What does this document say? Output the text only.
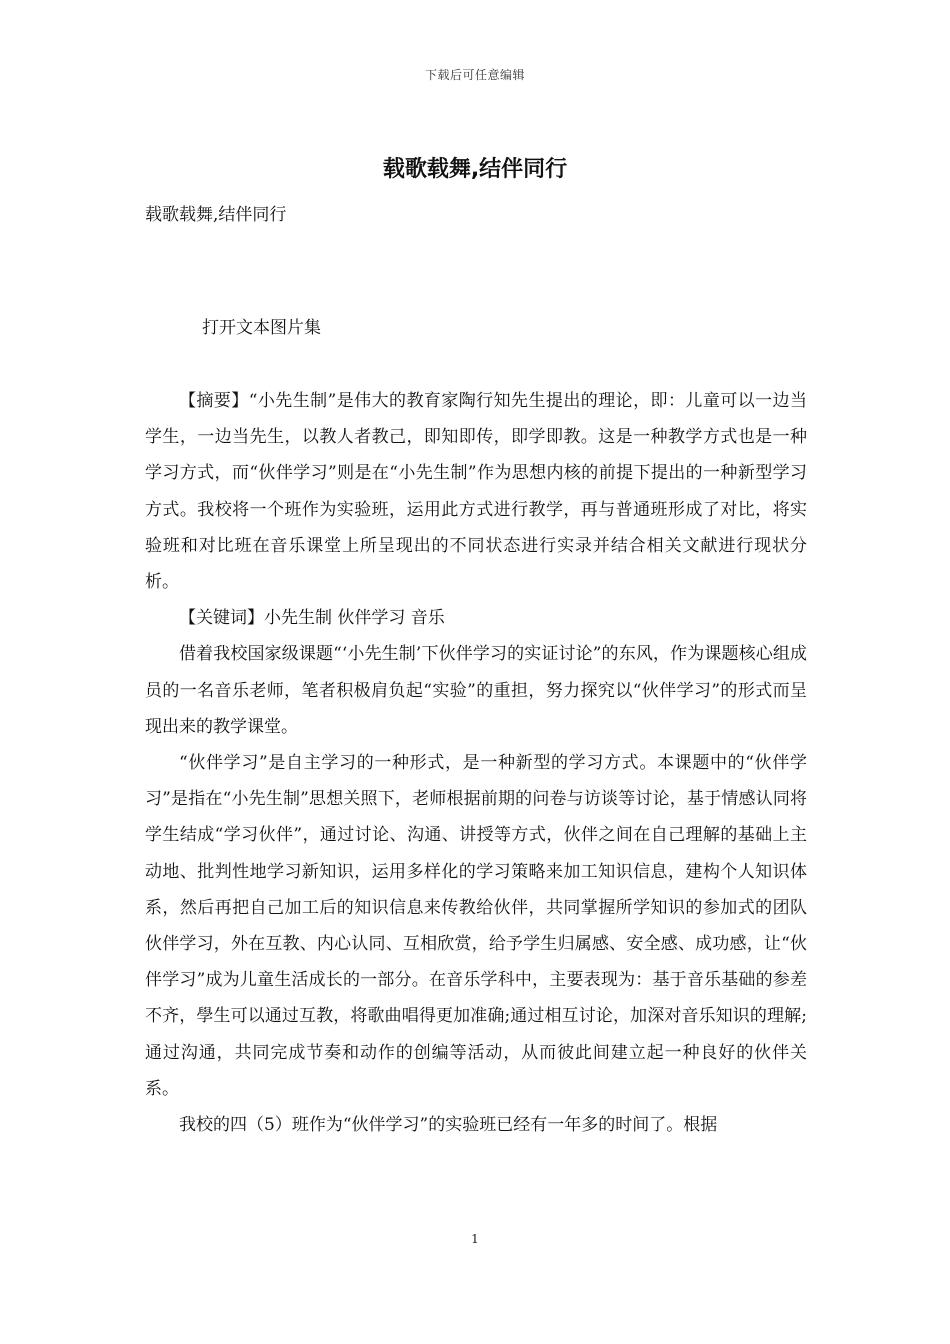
下载后可任意编辑
载歌载舞,结伴同行
载歌载舞,结伴同行
打开文本图片集

【摘要】“小先生制”是伟大的教育家陶行知先生提出的理论，即：儿童可以一边当学生，一边当先生，以教人者教己，即知即传，即学即教。这是一种教学方式也是一种学习方式，而“伙伴学习”则是在“小先生制”作为思想内核的前提下提出的一种新型学习方式。我校将一个班作为实验班，运用此方式进行教学，再与普通班形成了对比，将实验班和对比班在音乐课堂上所呈现出的不同状态进行实录并结合相关文献进行现状分析。

【关键词】小先生制 伙伴学习 音乐

借着我校国家级课题“‘小先生制’下伙伴学习的实证讨论”的东风，作为课题核心组成员的一名音乐老师，笔者积极肩负起“实验”的重担，努力探究以“伙伴学习”的形式而呈现出来的教学课堂。

“伙伴学习”是自主学习的一种形式，是一种新型的学习方式。本课题中的“伙伴学习”是指在“小先生制”思想关照下，老师根据前期的问卷与访谈等讨论，基于情感认同将学生结成“学习伙伴”，通过讨论、沟通、讲授等方式，伙伴之间在自己理解的基础上主动地、批判性地学习新知识，运用多样化的学习策略来加工知识信息，建构个人知识体系，然后再把自己加工后的知识信息来传教给伙伴，共同掌握所学知识的参加式的团队伙伴学习，外在互教、内心认同、互相欣赏，给予学生归属感、安全感、成功感，让“伙伴学习”成为儿童生活成长的一部分。在音乐学科中，主要表现为：基于音乐基础的参差不齐，學生可以通过互教，将歌曲唱得更加准确;通过相互讨论，加深对音乐知识的理解;通过沟通，共同完成节奏和动作的创编等活动，从而彼此间建立起一种良好的伙伴关系。

我校的四（5）班作为“伙伴学习”的实验班已经有一年多的时间了。根据

1
